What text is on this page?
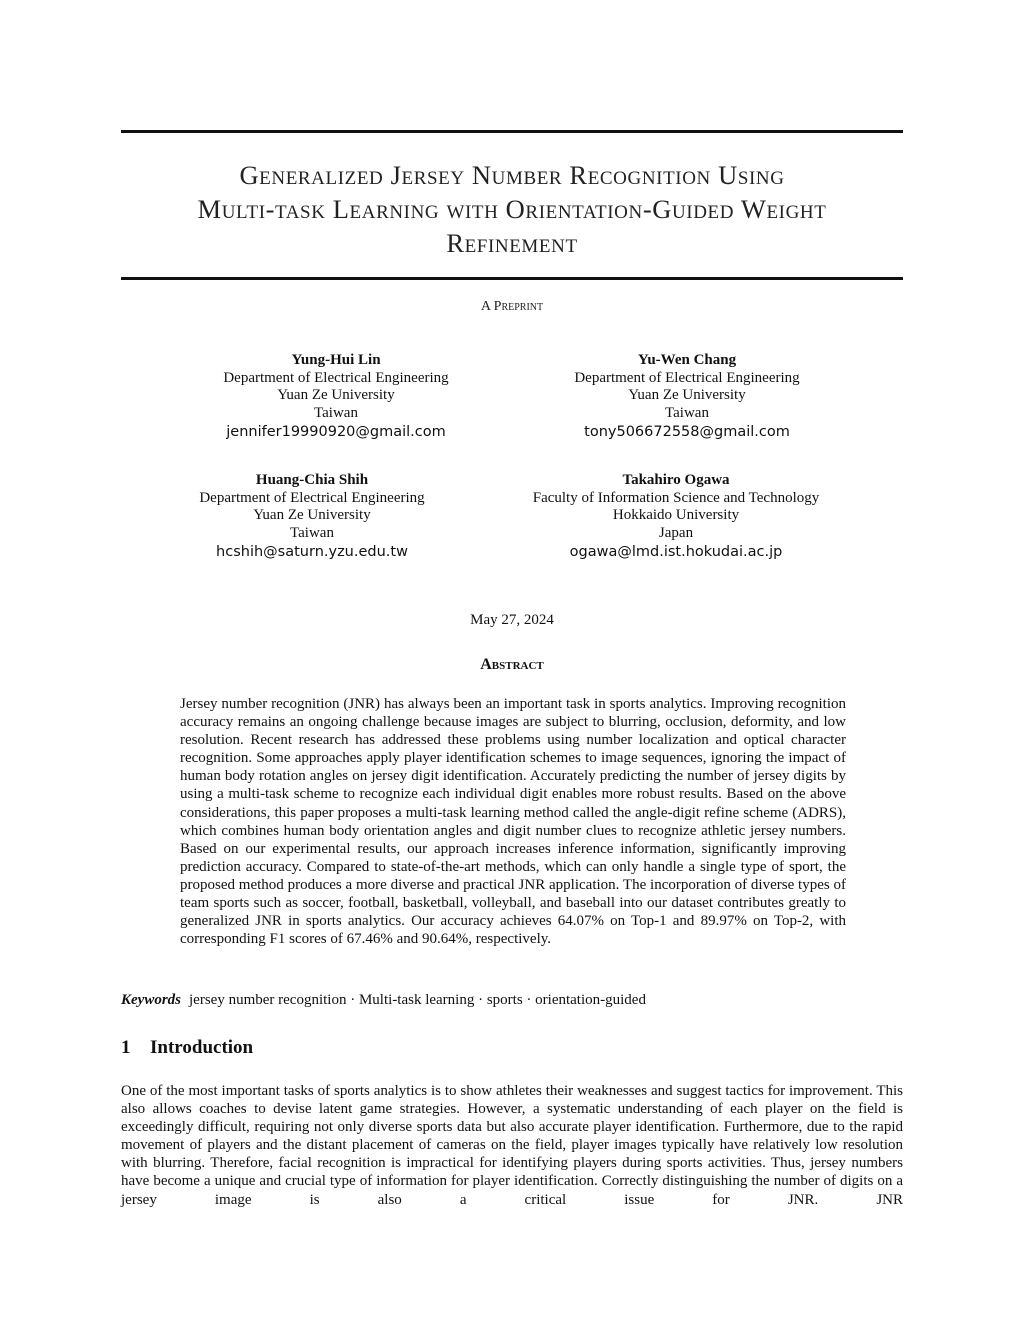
Generalized Jersey Number Recognition Using
Multi-task Learning with Orientation-Guided Weight
Refinement
A Preprint
Yung-Hui Lin
Department of Electrical Engineering
Yuan Ze University
Taiwan
jennifer19990920@gmail.com
Yu-Wen Chang
Department of Electrical Engineering
Yuan Ze University
Taiwan
tony506672558@gmail.com
Huang-Chia Shih
Department of Electrical Engineering
Yuan Ze University
Taiwan
hcshih@saturn.yzu.edu.tw
Takahiro Ogawa
Faculty of Information Science and Technology
Hokkaido University
Japan
ogawa@lmd.ist.hokudai.ac.jp
May 27, 2024
Abstract

Jersey number recognition (JNR) has always been an important task in sports analytics. Improving recognition accuracy remains an ongoing challenge because images are subject to blurring, occlusion, deformity, and low resolution. Recent research has addressed these problems using number localization and optical character recognition. Some approaches apply player identification schemes to image sequences, ignoring the impact of human body rotation angles on jersey digit identification. Accurately predicting the number of jersey digits by using a multi-task scheme to recognize each individual digit enables more robust results. Based on the above considerations, this paper proposes a multi-task learning method called the angle-digit refine scheme (ADRS), which combines human body orientation angles and digit number clues to recognize athletic jersey numbers. Based on our experimental results, our approach increases inference information, significantly improving prediction accuracy. Compared to state-of-the-art methods, which can only handle a single type of sport, the proposed method produces a more diverse and practical JNR application. The incorporation of diverse types of team sports such as soccer, football, basketball, volleyball, and baseball into our dataset contributes greatly to generalized JNR in sports analytics. Our accuracy achieves 64.07% on Top-1 and 89.97% on Top-2, with corresponding F1 scores of 67.46% and 90.64%, respectively.

Keywords jersey number recognition · Multi-task learning · sports · orientation-guided
1 Introduction

One of the most important tasks of sports analytics is to show athletes their weaknesses and suggest tactics for improvement. This also allows coaches to devise latent game strategies. However, a systematic understanding of each player on the field is exceedingly difficult, requiring not only diverse sports data but also accurate player identification. Furthermore, due to the rapid movement of players and the distant placement of cameras on the field, player images typically have relatively low resolution with blurring. Therefore, facial recognition is impractical for identifying players during sports activities. Thus, jersey numbers have become a unique and crucial type of information for player identification. Correctly distinguishing the number of digits on a jersey image is also a critical issue for JNR. JNR
